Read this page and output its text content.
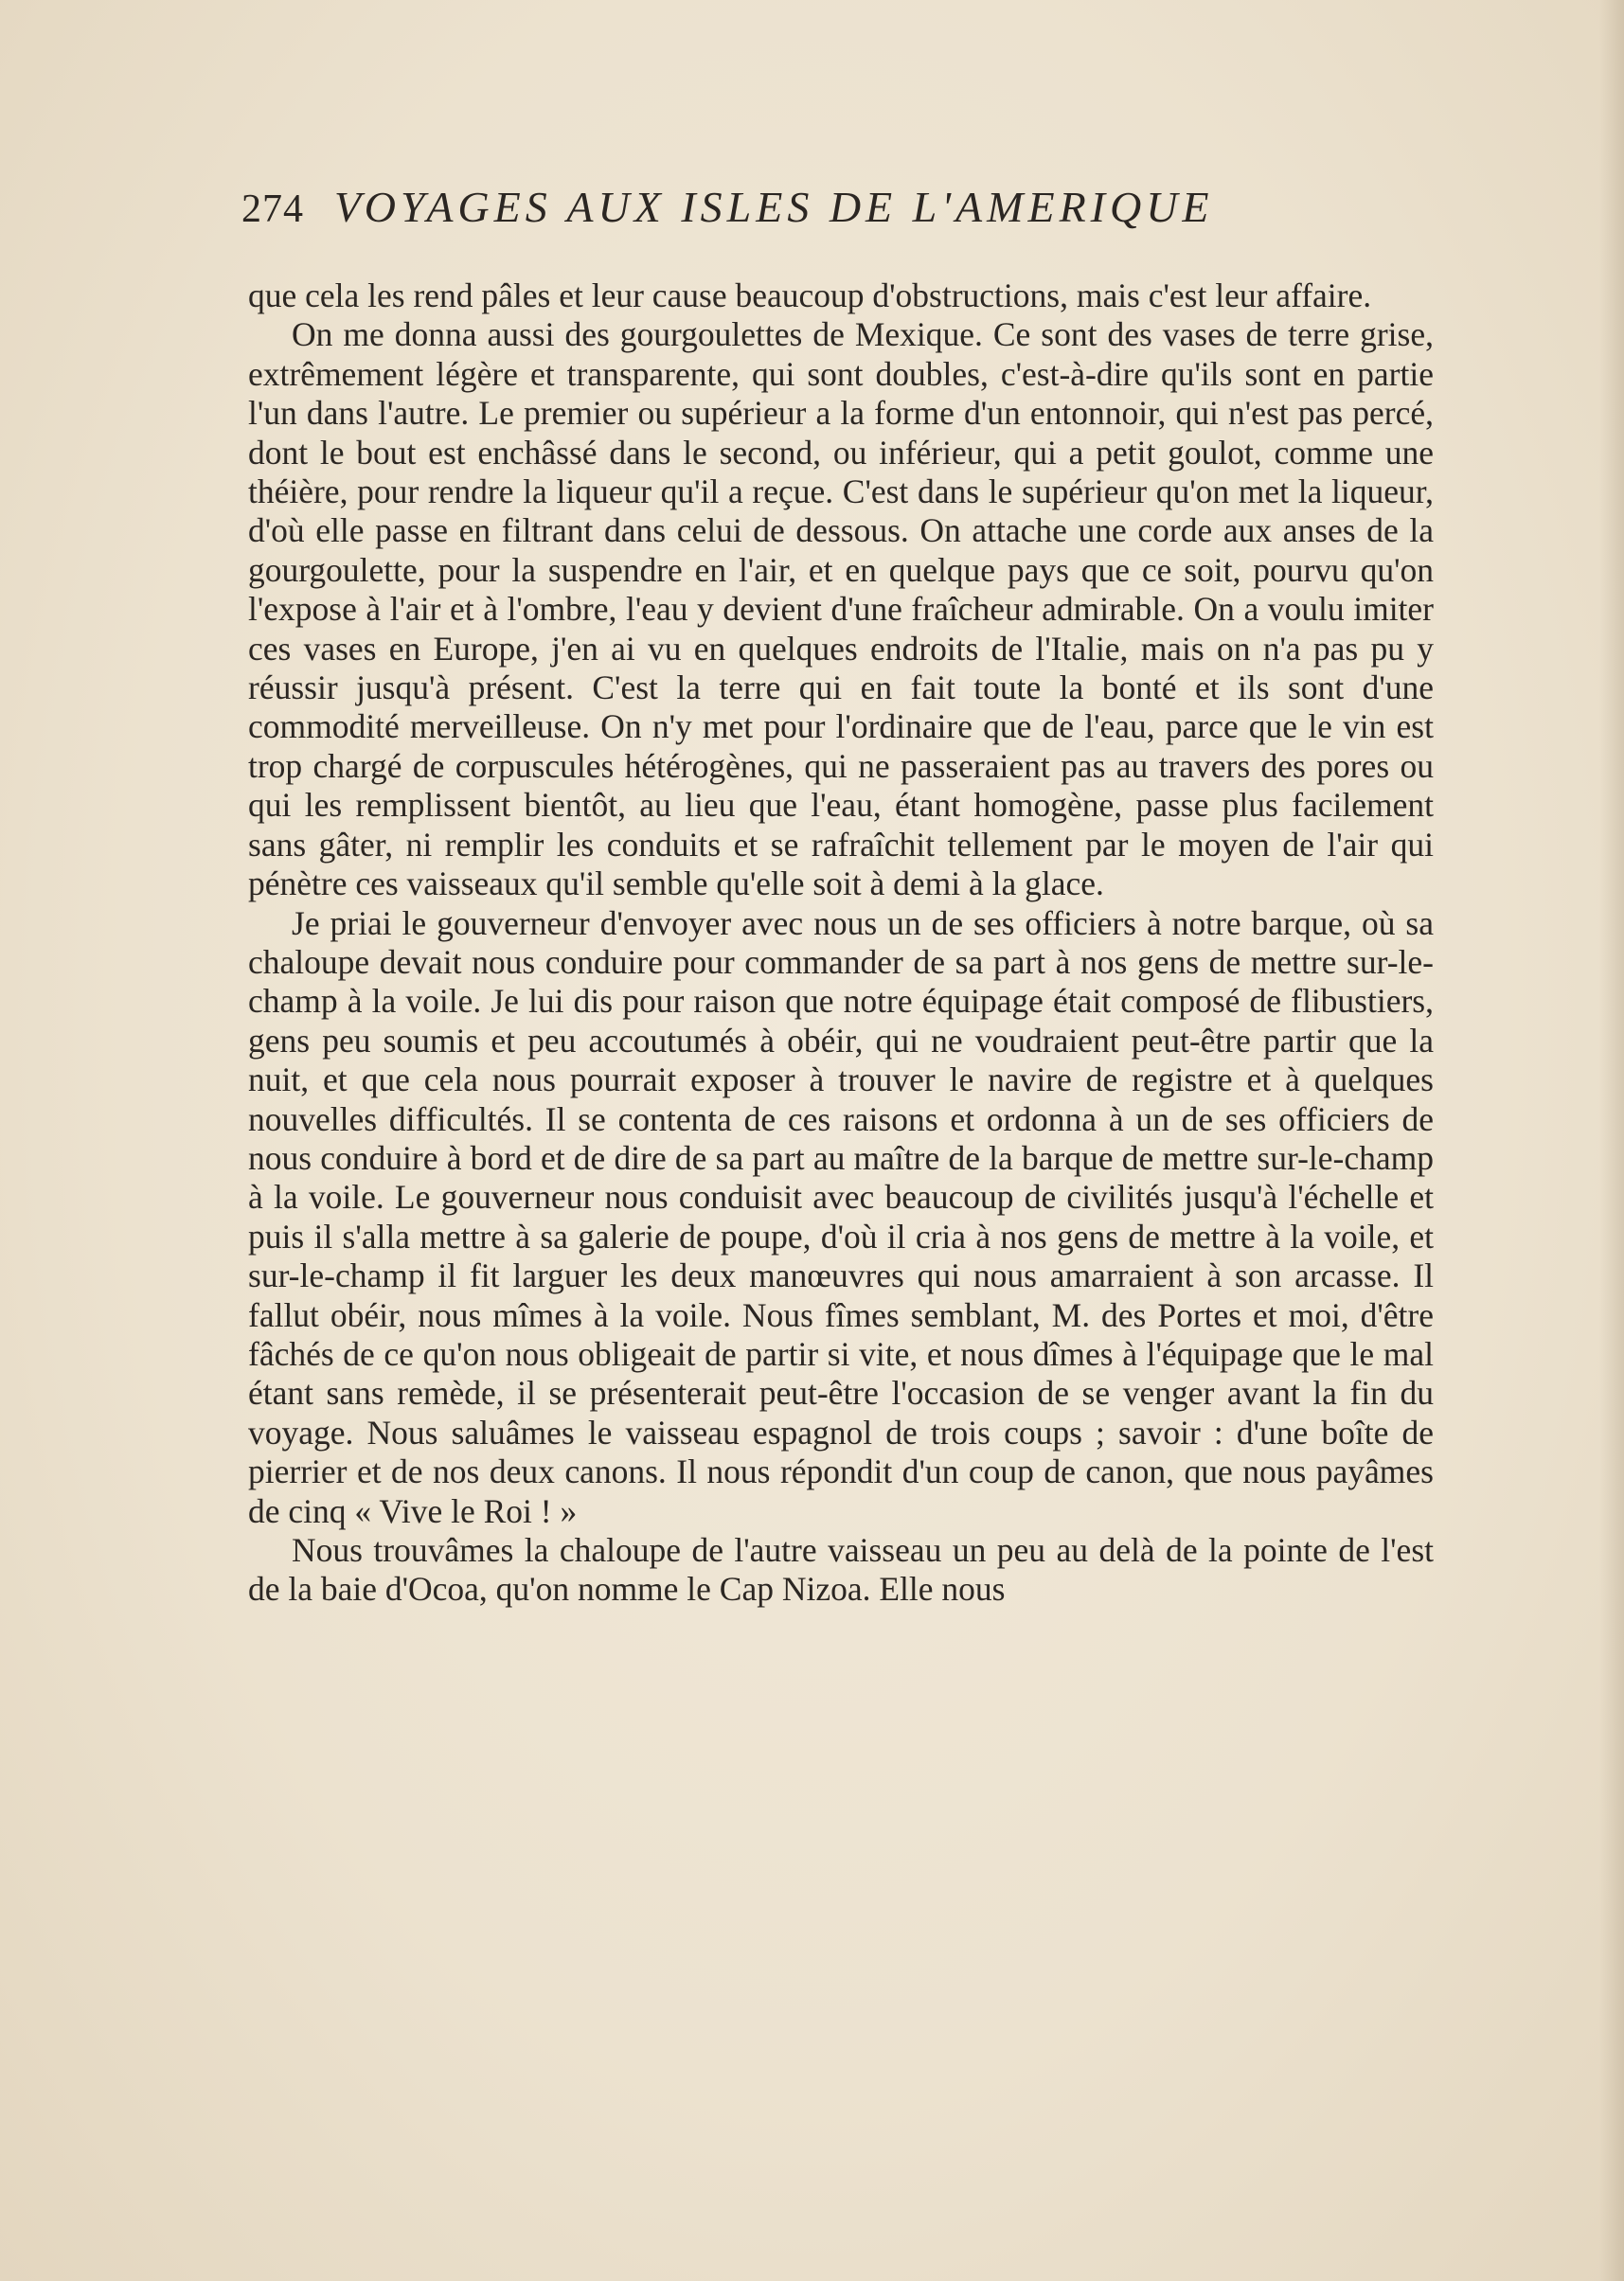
274 VOYAGES AUX ISLES DE L'AMERIQUE

que cela les rend pâles et leur cause beaucoup d'obstructions, mais c'est leur affaire.

On me donna aussi des gourgoulettes de Mexique. Ce sont des vases de terre grise, extrêmement légère et transparente, qui sont doubles, c'est-à-dire qu'ils sont en partie l'un dans l'autre. Le premier ou supérieur a la forme d'un entonnoir, qui n'est pas percé, dont le bout est enchâssé dans le second, ou inférieur, qui a petit goulot, comme une théière, pour rendre la liqueur qu'il a reçue. C'est dans le supérieur qu'on met la liqueur, d'où elle passe en filtrant dans celui de dessous. On attache une corde aux anses de la gourgoulette, pour la suspendre en l'air, et en quelque pays que ce soit, pourvu qu'on l'expose à l'air et à l'ombre, l'eau y devient d'une fraîcheur admirable. On a voulu imiter ces vases en Europe, j'en ai vu en quelques endroits de l'Italie, mais on n'a pas pu y réussir jusqu'à présent. C'est la terre qui en fait toute la bonté et ils sont d'une commodité merveilleuse. On n'y met pour l'ordinaire que de l'eau, parce que le vin est trop chargé de corpuscules hétérogènes, qui ne passeraient pas au travers des pores ou qui les remplissent bientôt, au lieu que l'eau, étant homogène, passe plus facilement sans gâter, ni remplir les conduits et se rafraîchit tellement par le moyen de l'air qui pénètre ces vaisseaux qu'il semble qu'elle soit à demi à la glace.

Je priai le gouverneur d'envoyer avec nous un de ses officiers à notre barque, où sa chaloupe devait nous conduire pour commander de sa part à nos gens de mettre sur-le-champ à la voile. Je lui dis pour raison que notre équipage était composé de flibustiers, gens peu soumis et peu accoutumés à obéir, qui ne voudraient peut-être partir que la nuit, et que cela nous pourrait exposer à trouver le navire de registre et à quelques nouvelles difficultés. Il se contenta de ces raisons et ordonna à un de ses officiers de nous conduire à bord et de dire de sa part au maître de la barque de mettre sur-le-champ à la voile. Le gouverneur nous conduisit avec beaucoup de civilités jusqu'à l'échelle et puis il s'alla mettre à sa galerie de poupe, d'où il cria à nos gens de mettre à la voile, et sur-le-champ il fit larguer les deux manœuvres qui nous amarraient à son arcasse. Il fallut obéir, nous mîmes à la voile. Nous fîmes semblant, M. des Portes et moi, d'être fâchés de ce qu'on nous obligeait de partir si vite, et nous dîmes à l'équipage que le mal étant sans remède, il se présenterait peut-être l'occasion de se venger avant la fin du voyage. Nous saluâmes le vaisseau espagnol de trois coups ; savoir : d'une boîte de pierrier et de nos deux canons. Il nous répondit d'un coup de canon, que nous payâmes de cinq « Vive le Roi ! »

Nous trouvâmes la chaloupe de l'autre vaisseau un peu au delà de la pointe de l'est de la baie d'Ocoa, qu'on nomme le Cap Nizoa. Elle nous
